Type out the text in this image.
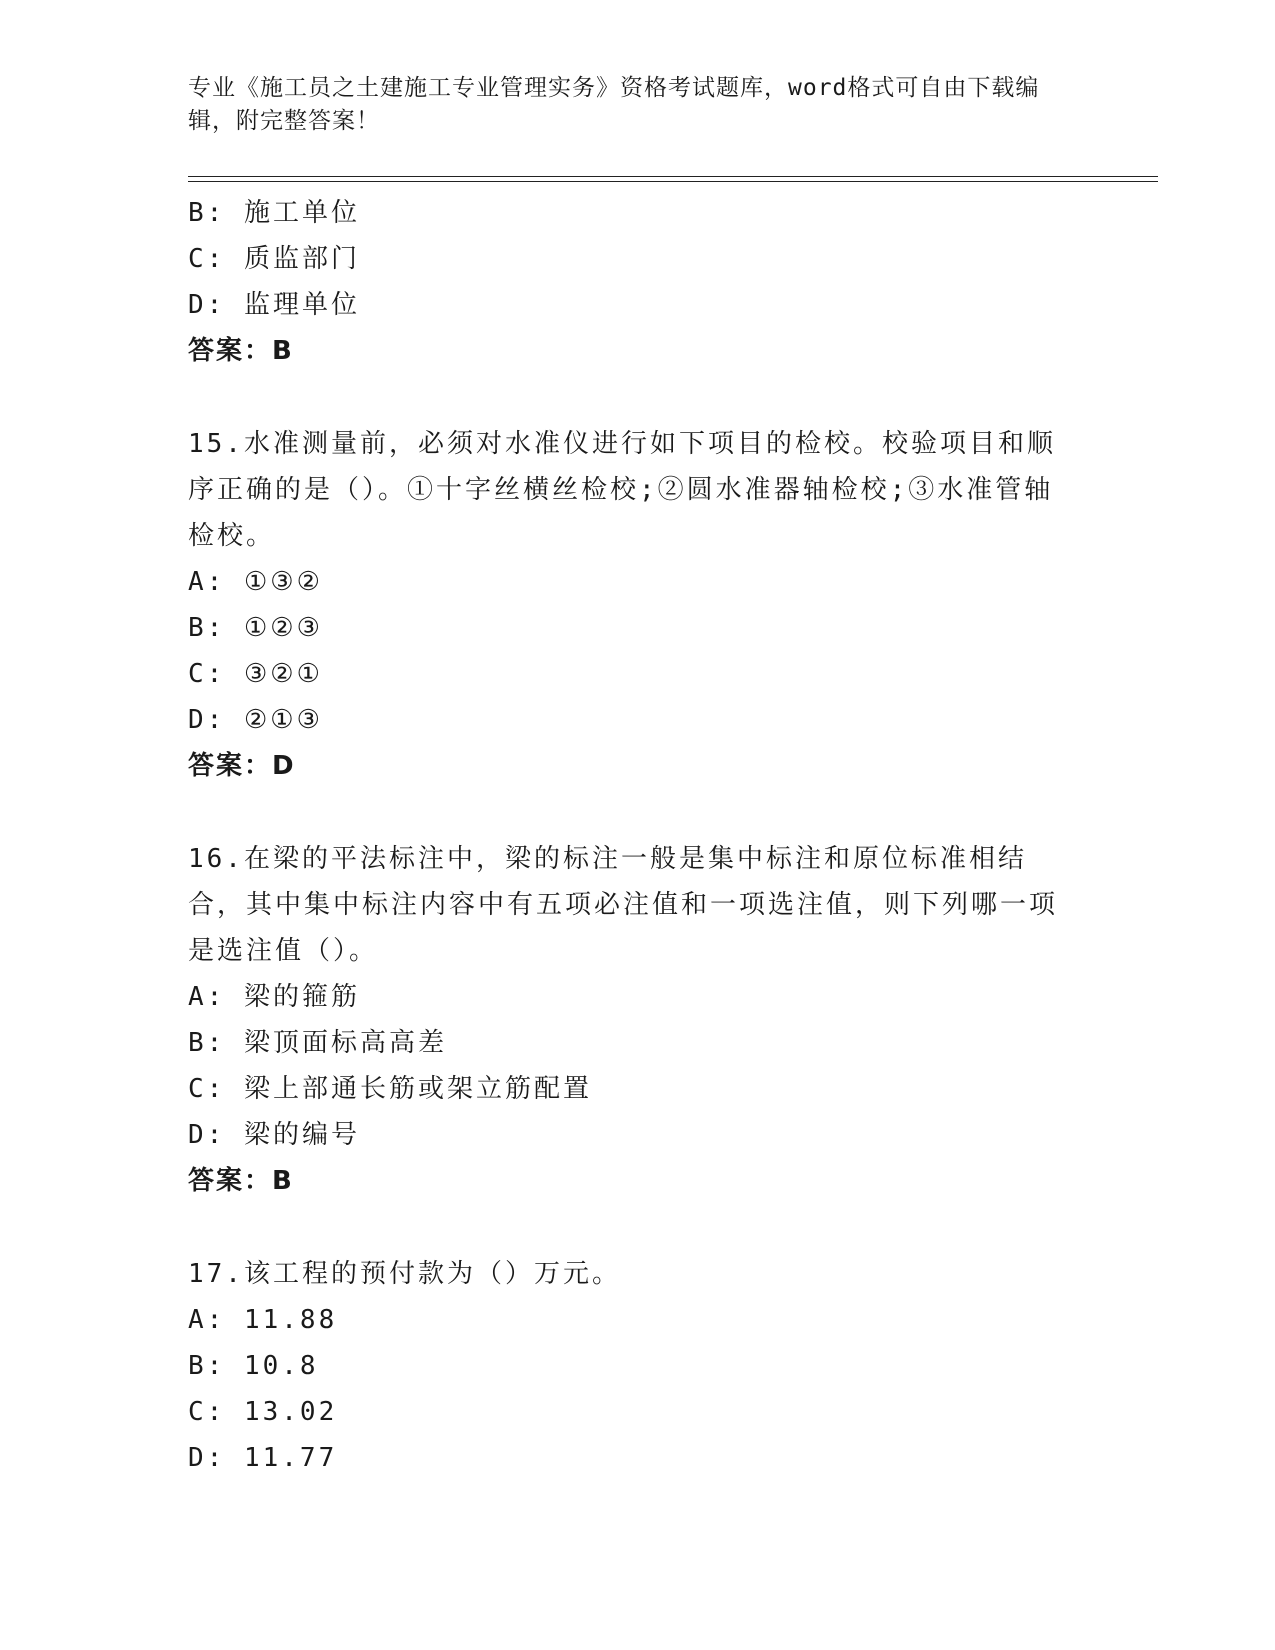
专业《施工员之土建施工专业管理实务》资格考试题库，word格式可自由下载编辑，附完整答案！
B: 施工单位
C: 质监部门
D: 监理单位
答案：B
15.水准测量前，必须对水准仪进行如下项目的检校。校验项目和顺序正确的是（）。①十字丝横丝检校;②圆水准器轴检校;③水准管轴检校。
A: ①③②
B: ①②③
C: ③②①
D: ②①③
答案：D
16.在梁的平法标注中，梁的标注一般是集中标注和原位标准相结合，其中集中标注内容中有五项必注值和一项选注值，则下列哪一项是选注值（）。
A: 梁的箍筋
B: 梁顶面标高高差
C: 梁上部通长筋或架立筋配置
D: 梁的编号
答案：B
17.该工程的预付款为（）万元。
A: 11.88
B: 10.8
C: 13.02
D: 11.77
